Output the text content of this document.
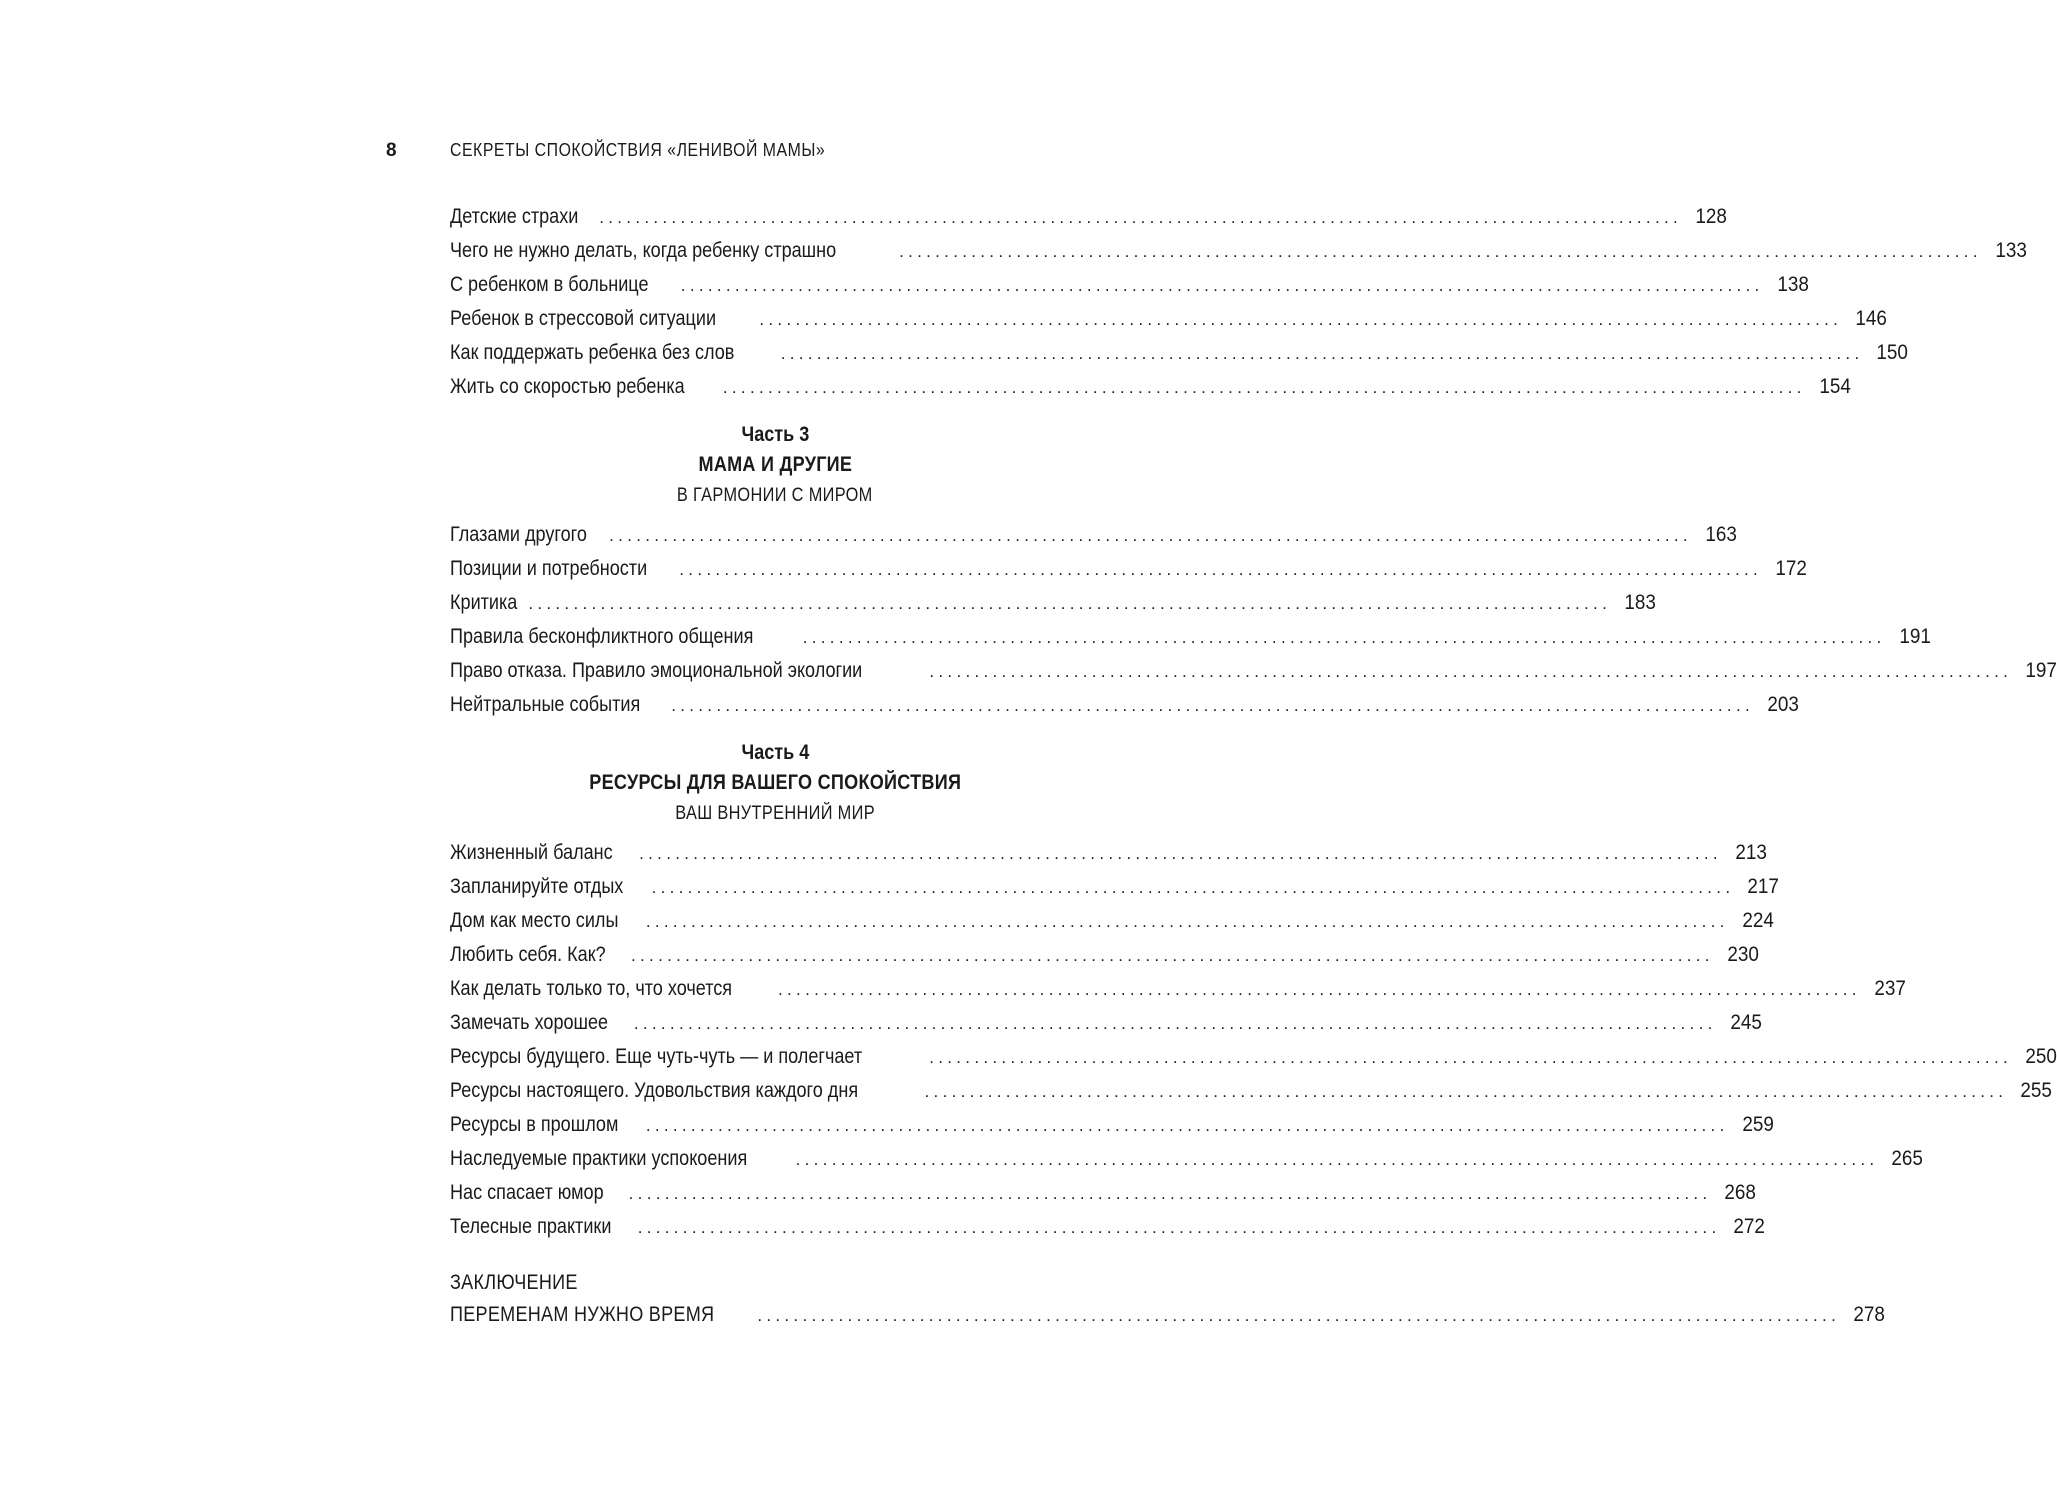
8	СЕКРЕТЫ СПОКОЙСТВИЯ «ЛЕНИВОЙ МАМЫ»
Детские страхи ........................................................................................................................ 128
Чего не нужно делать, когда ребенку страшно	........................................................................................................................ 133
С ребенком в больнице ........................................................................................................................ 138
Ребенок в стрессовой ситуации	........................................................................................................................ 146
Как поддержать ребенка без слов	........................................................................................................................ 150
Жить со скоростью ребенка ........................................................................................................................ 154
Часть 3
МАМА И ДРУГИЕ
В ГАРМОНИИ С МИРОМ
Глазами другого ........................................................................................................................ 163
Позиции и потребности ........................................................................................................................ 172
Критика ........................................................................................................................ 183
Правила бесконфликтного общения	........................................................................................................................ 191
Право отказа. Правило эмоциональной экологии	........................................................................................................................ 197
Нейтральные события ........................................................................................................................ 203
Часть 4
РЕСУРСЫ ДЛЯ ВАШЕГО СПОКОЙСТВИЯ
ВАШ ВНУТРЕННИЙ МИР
Жизненный баланс ........................................................................................................................ 213
Запланируйте отдых ........................................................................................................................ 217
Дом как место силы ........................................................................................................................ 224
Любить себя. Как? ........................................................................................................................ 230
Как делать только то, что хочется	........................................................................................................................ 237
Замечать хорошее ........................................................................................................................ 245
Ресурсы будущего. Еще чуть-чуть — и полегчает	........................................................................................................................ 250
Ресурсы настоящего. Удовольствия каждого дня	........................................................................................................................ 255
Ресурсы в прошлом ........................................................................................................................ 259
Наследуемые практики успокоения	........................................................................................................................ 265
Нас спасает юмор ........................................................................................................................ 268
Телесные практики ........................................................................................................................ 272
ЗАКЛЮЧЕНИЕ
ПЕРЕМЕНАМ НУЖНО ВРЕМЯ	........................................................................................................................ 278
